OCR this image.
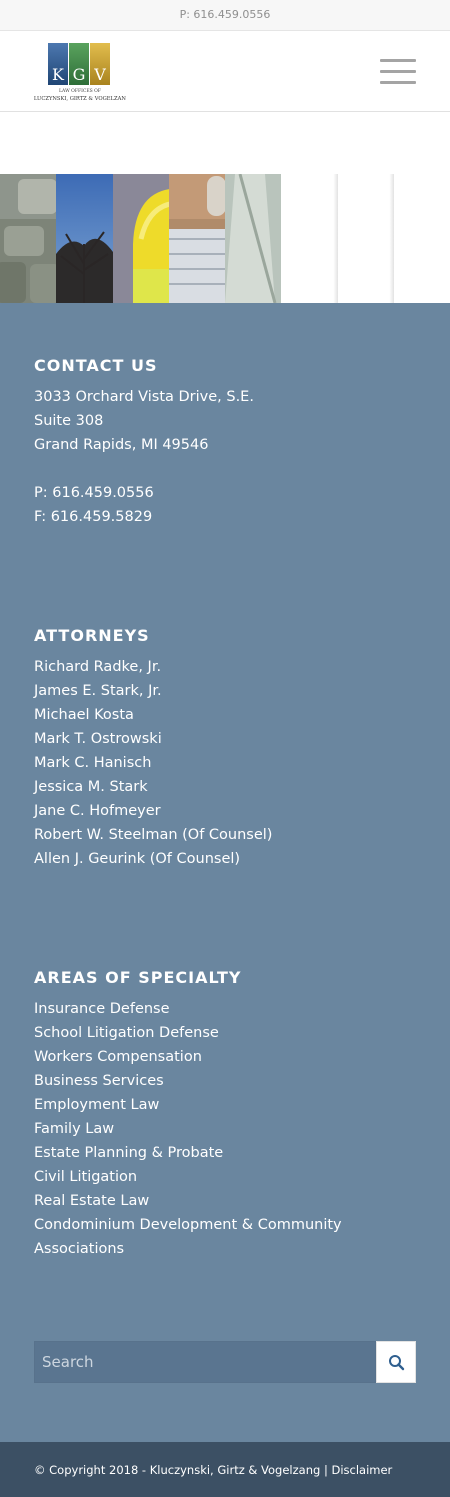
P: 616.459.0556
K G V
LAW OFFICES OF
KLUCZYNSKI, GIRTZ & VOGELZANG
CONTACT US

3033 Orchard Vista Drive, S.E.

Suite 308

Grand Rapids, MI 49546

P: 616.459.0556

F: 616.459.5829

ATTORNEYS
Richard Radke, Jr.
James E. Stark, Jr.
Michael Kosta
Mark T. Ostrowski
Mark C. Hanisch
Jessica M. Stark
Jane C. Hofmeyer
Robert W. Steelman (Of Counsel)
Allen J. Geurink (Of Counsel)
AREAS OF SPECIALTY
Insurance Defense
School Litigation Defense
Workers Compensation
Business Services
Employment Law
Family Law
Estate Planning & Probate
Civil Litigation
Real Estate Law
Condominium Development & Community Associations
Search
© Copyright 2018 - Kluczynski, Girtz & Vogelzang | Disclaimer
